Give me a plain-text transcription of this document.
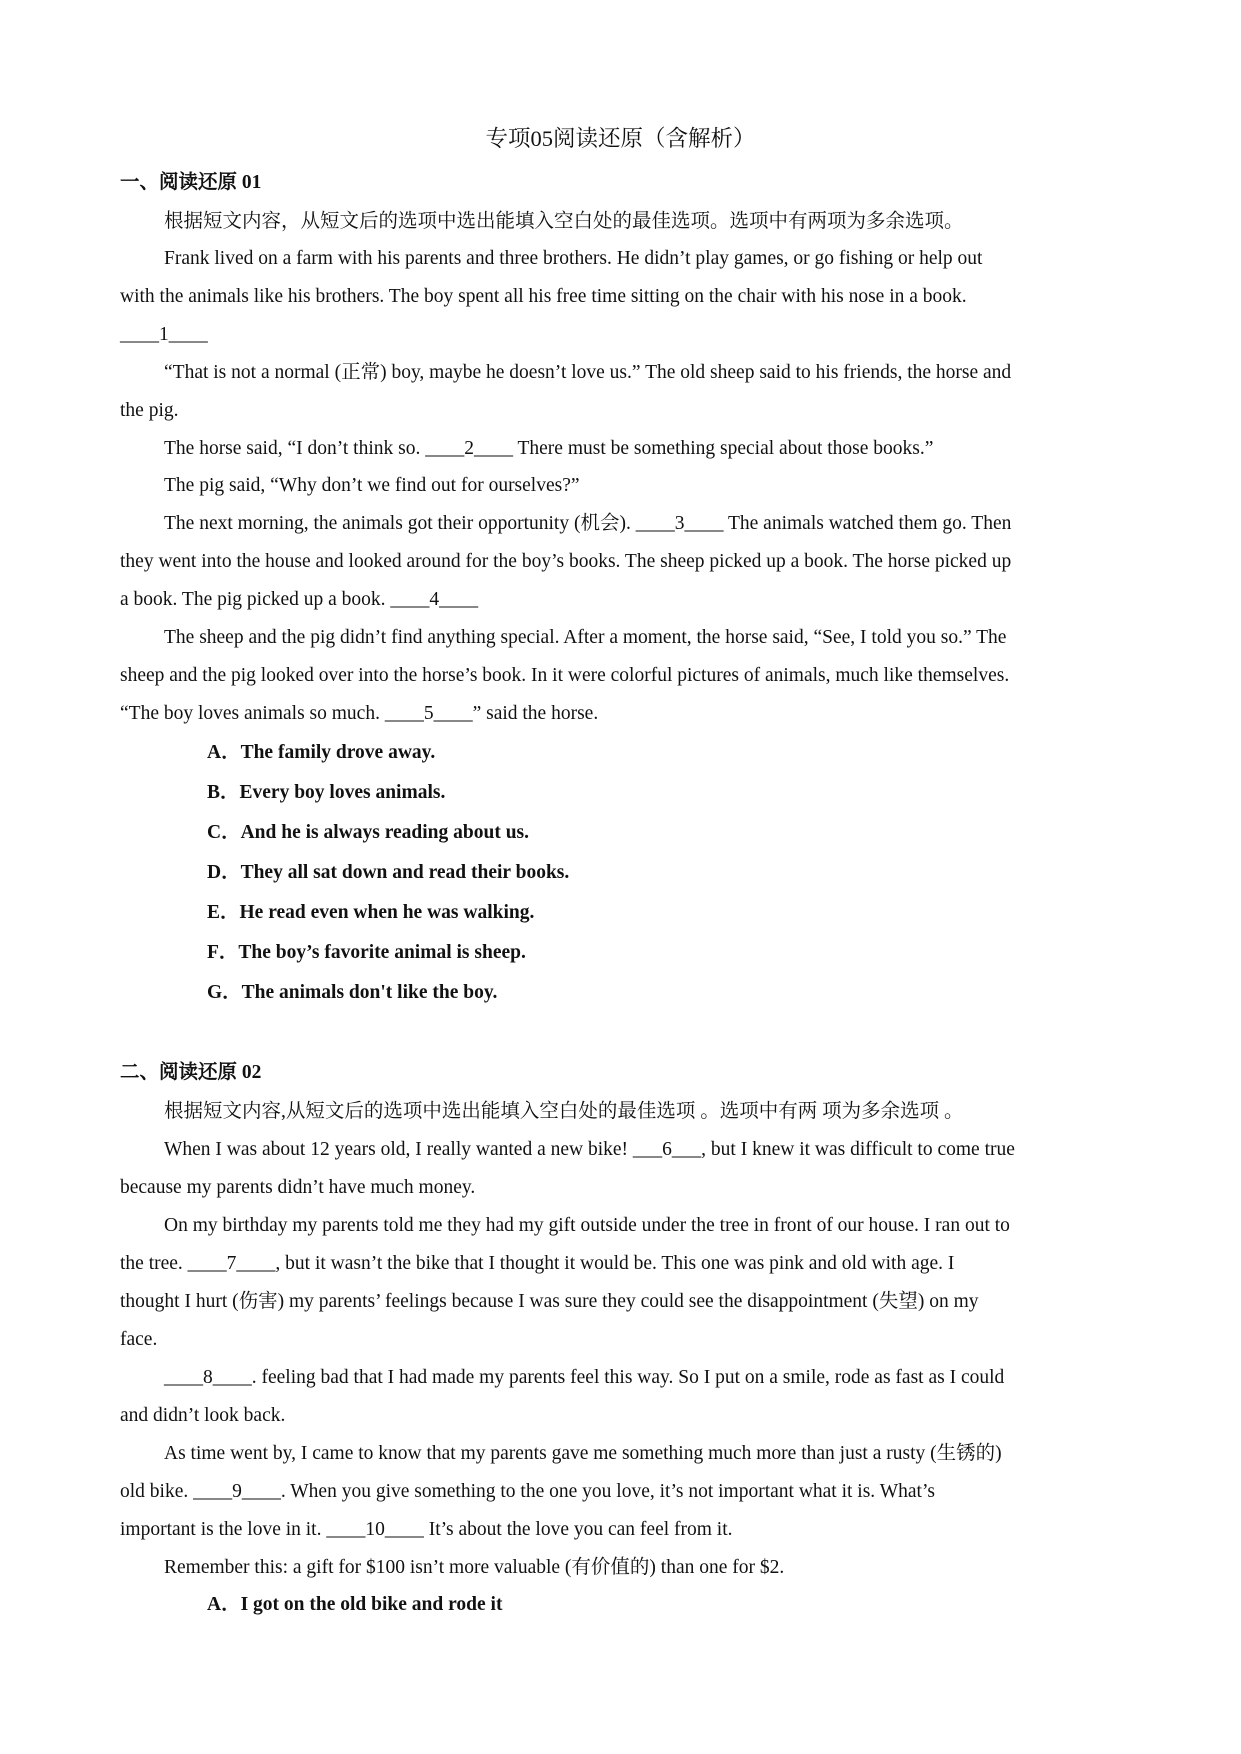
专项05阅读还原（含解析）
一、阅读还原 01
根据短文内容，从短文后的选项中选出能填入空白处的最佳选项。选项中有两项为多余选项。
Frank lived on a farm with his parents and three brothers. He didn’t play games, or go fishing or help out
with the animals like his brothers. The boy spent all his free time sitting on the chair with his nose in a book.
____1____
“That is not a normal (正常) boy, maybe he doesn’t love us.” The old sheep said to his friends, the horse and
the pig.
The horse said, “I don’t think so. ____2____ There must be something special about those books.”
The pig said, “Why don’t we find out for ourselves?”
The next morning, the animals got their opportunity (机会). ____3____ The animals watched them go. Then
they went into the house and looked around for the boy’s books. The sheep picked up a book. The horse picked up
a book. The pig picked up a book. ____4____
The sheep and the pig didn’t find anything special. After a moment, the horse said, “See, I told you so.” The
sheep and the pig looked over into the horse’s book. In it were colorful pictures of animals, much like themselves.
“The boy loves animals so much. ____5____” said the horse.
A．The family drove away.
B．Every boy loves animals.
C．And he is always reading about us.
D．They all sat down and read their books.
E．He read even when he was walking.
F．The boy’s favorite animal is sheep.
G．The animals don't like the boy.
二、阅读还原 02
根据短文内容,从短文后的选项中选出能填入空白处的最佳选项 。选项中有两 项为多余选项 。
When I was about 12 years old, I really wanted a new bike! ___6___, but I knew it was difficult to come true
because my parents didn’t have much money.
On my birthday my parents told me they had my gift outside under the tree in front of our house. I ran out to
the tree. ____7____, but it wasn’t the bike that I thought it would be. This one was pink and old with age. I
thought I hurt (伤害) my parents’ feelings because I was sure they could see the disappointment (失望) on my
face.
____8____. feeling bad that I had made my parents feel this way. So I put on a smile, rode as fast as I could
and didn’t look back.
As time went by, I came to know that my parents gave me something much more than just a rusty (生锈的)
old bike. ____9____. When you give something to the one you love, it’s not important what it is. What’s
important is the love in it. ____10____ It’s about the love you can feel from it.
Remember this: a gift for $100 isn’t more valuable (有价值的) than one for $2.
A．I got on the old bike and rode it
